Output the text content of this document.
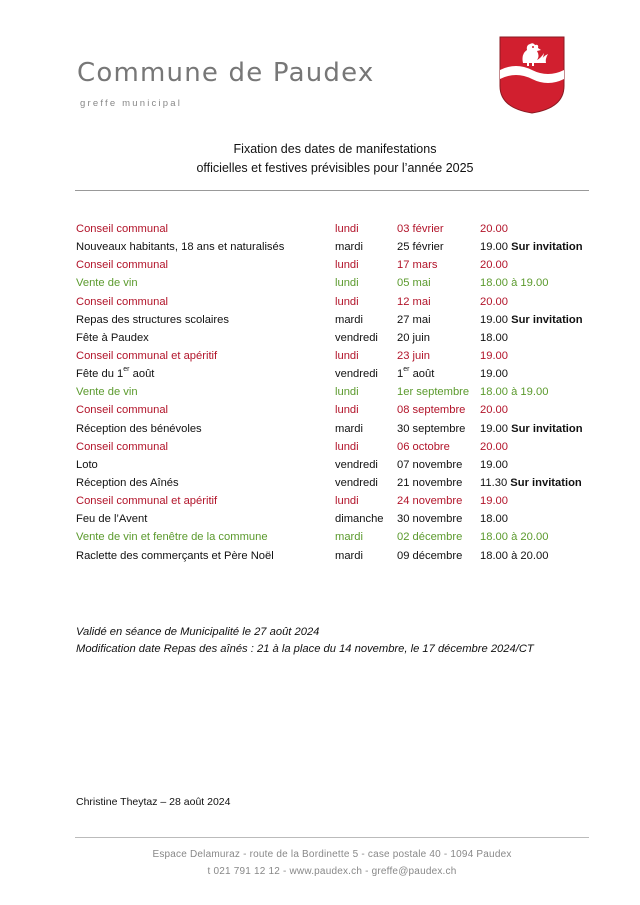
Commune de Paudex
greffe municipal
Fixation des dates de manifestations
officielles et festives prévisibles pour l’année 2025
Conseil communal	lundi	03 février	20.00
Nouveaux habitants, 18 ans et naturalisés	mardi	25 février	19.00 Sur invitation
Conseil communal	lundi	17 mars	20.00
Vente de vin	lundi	05 mai	18.00 à 19.00
Conseil communal	lundi	12 mai	20.00
Repas des structures scolaires	mardi	27 mai	19.00 Sur invitation
Fête à Paudex	vendredi 20 juin	18.00
Conseil communal et apéritif	lundi	23 juin	19.00
Fête du 1er août	vendredi 1er août	19.00
Vente de vin	lundi	1er septembre 18.00 à 19.00
Conseil communal	lundi	08 septembre 20.00
Réception des bénévoles	mardi	30 septembre 19.00 Sur invitation
Conseil communal	lundi	06 octobre	20.00
Loto	vendredi 07 novembre 19.00
Réception des Aînés	vendredi 21 novembre 11.30 Sur invitation
Conseil communal et apéritif	lundi	24 novembre 19.00
Feu de l’Avent	dimanche 30 novembre 18.00
Vente de vin et fenêtre de la commune	mardi	02 décembre 18.00 à 20.00
Raclette des commerçants et Père Noël	mardi	09 décembre 18.00 à 20.00
Validé en séance de Municipalité le 27 août 2024
Modification date Repas des aînés : 21 à la place du 14 novembre, le 17 décembre 2024/CT
Christine Theytaz – 28 août 2024
Espace Delamuraz - route de la Bordinette 5 - case postale 40 - 1094 Paudex
t 021 791 12 12 - www.paudex.ch - greffe@paudex.ch
